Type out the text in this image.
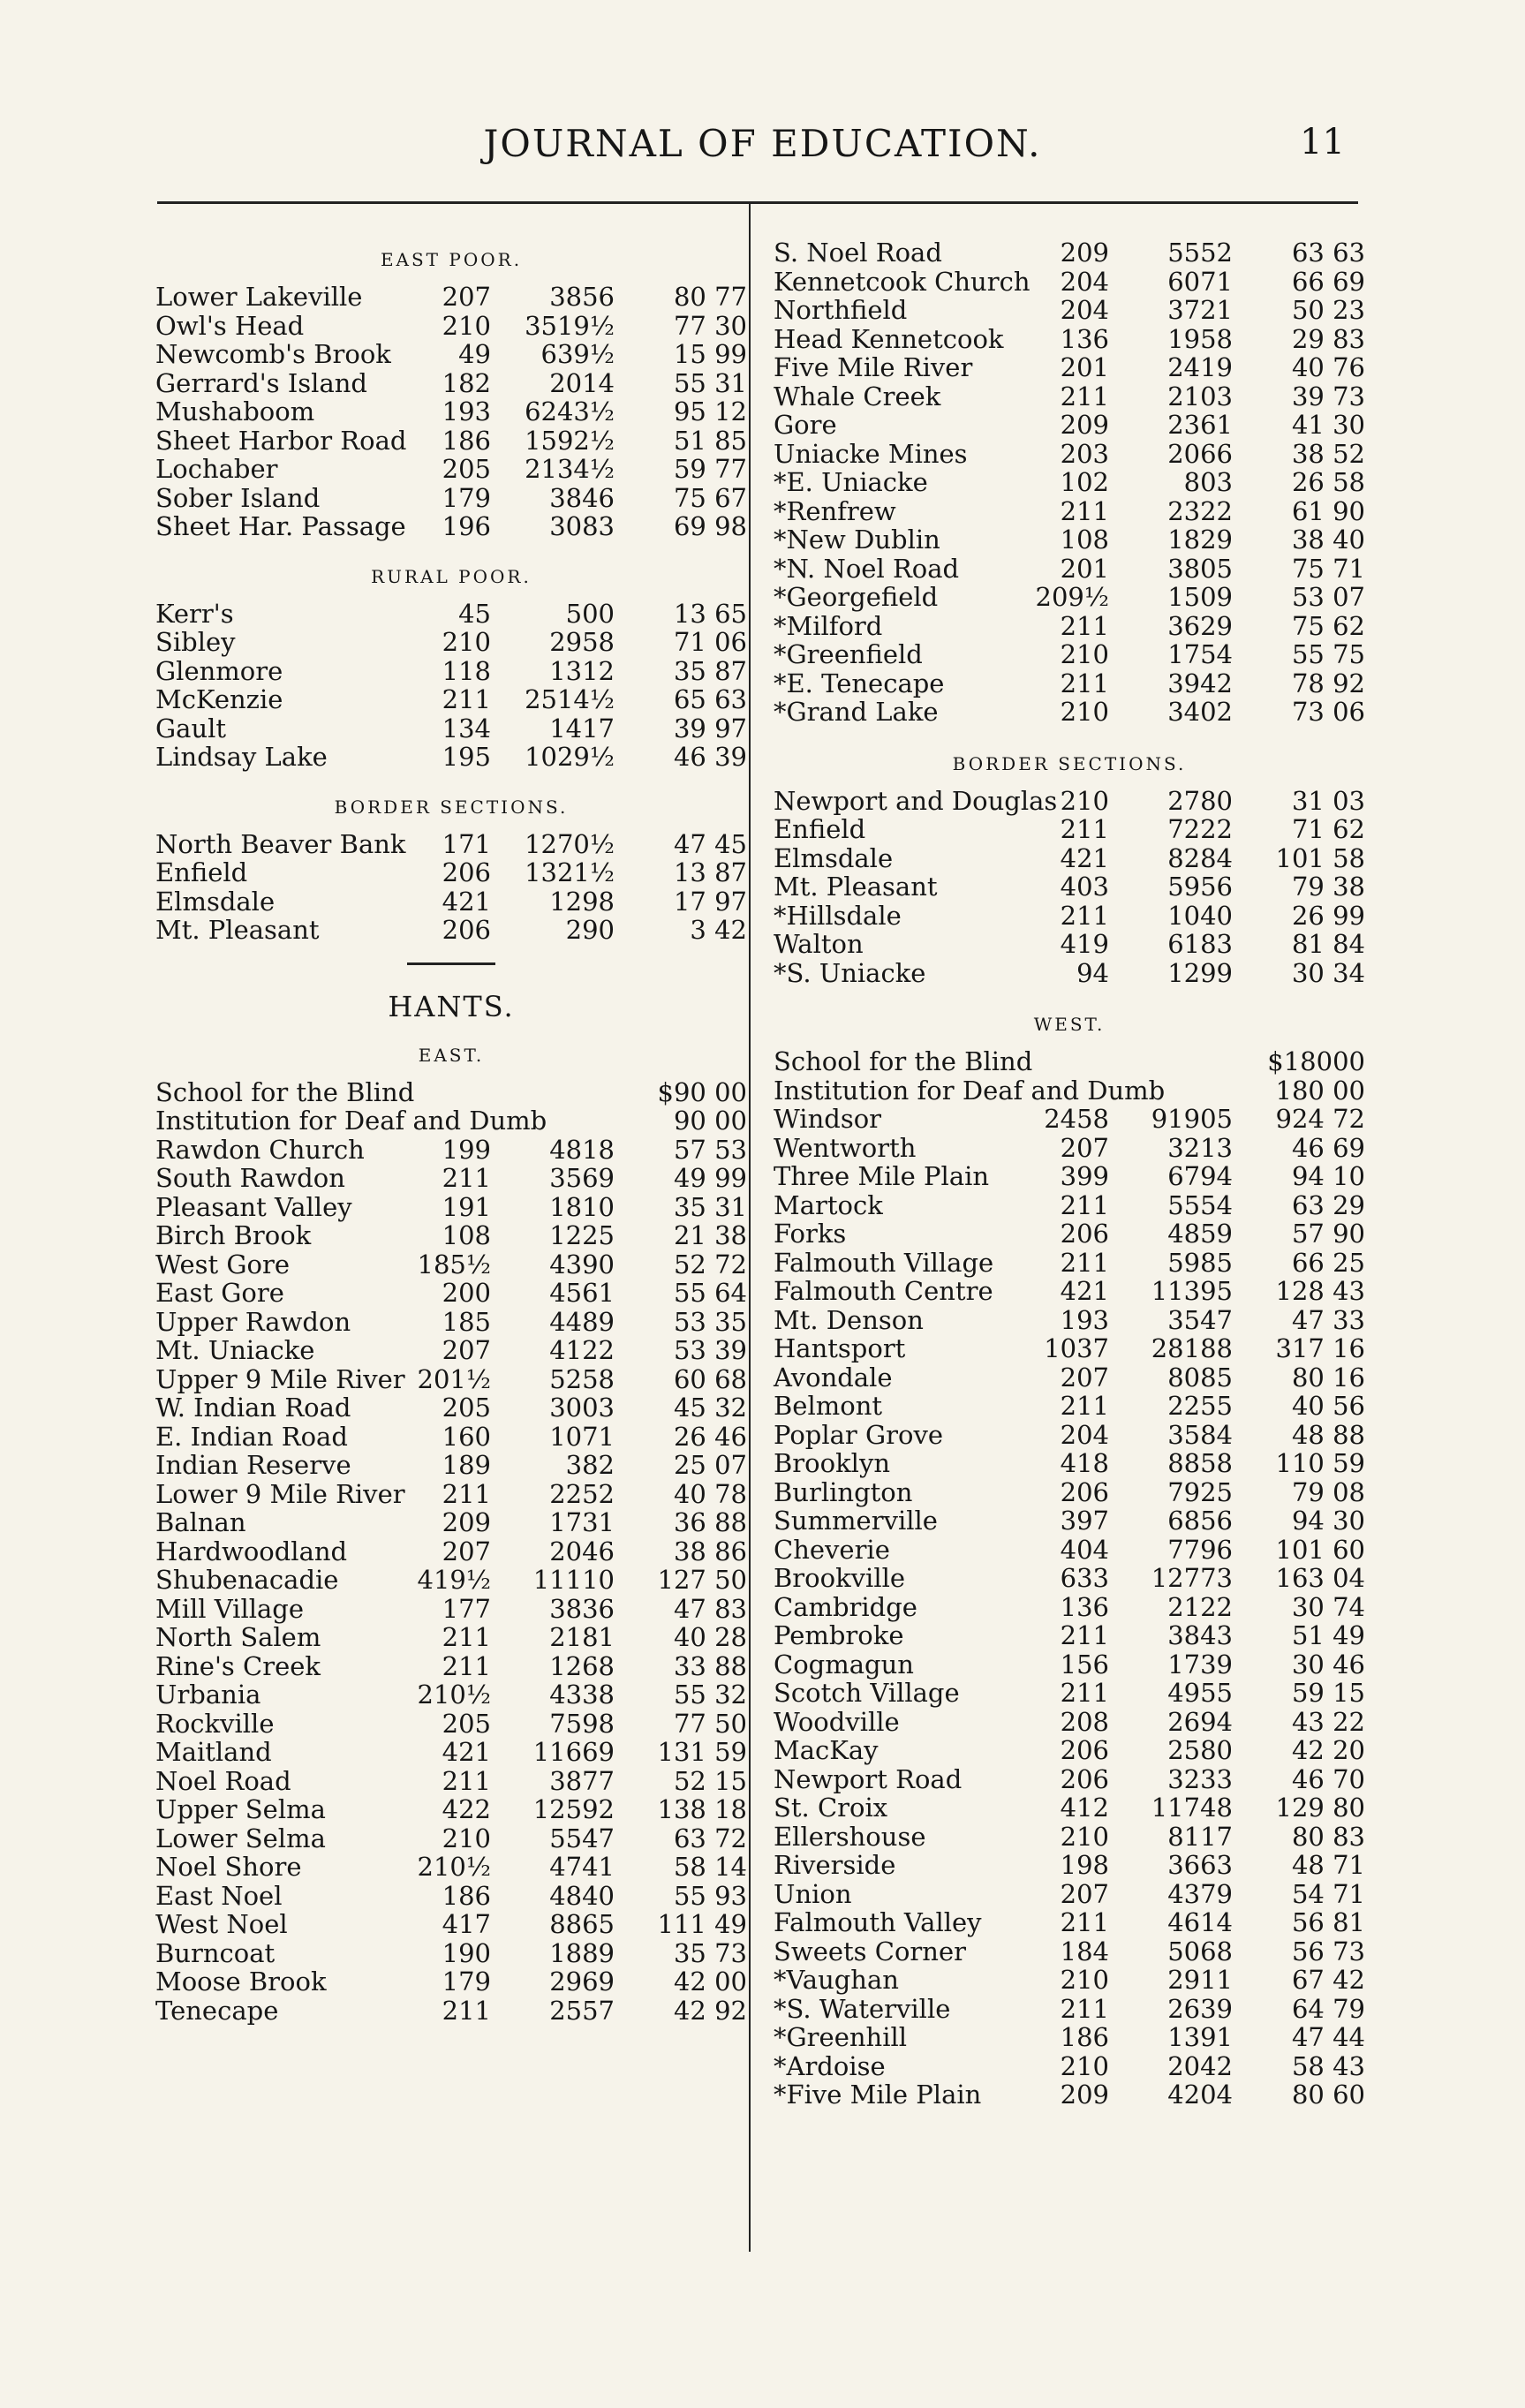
JOURNAL OF EDUCATION.	11
EAST POOR.
Lower Lakeville	207 3856 80 77
Owl's Head	210 3519½ 77 30
Newcomb's Brook	49 639½ 15 99
Gerrard's Island	182 2014 55 31
Mushaboom	193 6243½ 95 12
Sheet Harbor Road 186 1592½ 51 85
Lochaber	205 2134½ 59 77
Sober Island	179 3846 75 67
Sheet Har. Passage 196 3083 69 98
RURAL POOR.
Kerr's	45	500 13 65
Sibley	210 2958 71 06
Glenmore	118 1312 35 87
McKenzie	211 2514½ 65 63
Gault	134 1417 39 97
Lindsay Lake	195 1029½ 46 39
BORDER SECTIONS.
North Beaver Bank 171 1270½ 47 45
Enfield	206 1321½ 13 87
Elmsdale	421 1298 17 97
Mt. Pleasant	206	290	3 42
HANTS.
EAST.
School for the Blind	$90 00
Institution for Deaf and Dumb	90 00
Rawdon Church	199 4818 57 53
South Rawdon	211 3569 49 99
Pleasant Valley	191 1810 35 31
Birch Brook	108 1225 21 38
West Gore	185½ 4390 52 72
East Gore	200 4561 55 64
Upper Rawdon	185 4489 53 35
Mt. Uniacke	207 4122 53 39
Upper 9 Mile River 201½ 5258 60 68
W. Indian Road	205 3003 45 32
E. Indian Road	160 1071 26 46
Indian Reserve	189	382 25 07
Lower 9 Mile River 211 2252 40 78
Balnan	209 1731 36 88
Hardwoodland	207 2046 38 86
Shubenacadie	419½ 11110 127 50
Mill Village	177 3836 47 83
North Salem	211 2181 40 28
Rine's Creek	211 1268 33 88
Urbania	210½ 4338 55 32
Rockville	205 7598 77 50
Maitland	421 11669 131 59
Noel Road	211 3877 52 15
Upper Selma	422 12592 138 18
Lower Selma	210 5547 63 72
Noel Shore	210½ 4741 58 14
East Noel	186 4840 55 93
West Noel	417 8865 111 49
Burncoat	190 1889 35 73
Moose Brook	179 2969 42 00
Tenecape	211 2557 42 92
S. Noel Road	209 5552 63 63
Kennetcook Church 204 6071 66 69
Northfield	204 3721 50 23
Head Kennetcook 136 1958 29 83
Five Mile River	201 2419 40 76
Whale Creek	211 2103 39 73
Gore	209 2361 41 30
Uniacke Mines	203 2066 38 52
*E. Uniacke	102	803 26 58
*Renfrew	211 2322 61 90
*New Dublin	108 1829 38 40
*N. Noel Road	201 3805 75 71
*Georgefield	209½ 1509 53 07
*Milford	211 3629 75 62
*Greenfield	210 1754 55 75
*E. Tenecape	211 3942 78 92
*Grand Lake	210 3402 73 06
BORDER SECTIONS.
Newport and Douglas 210 2780 31 03
Enfield	211 7222 71 62
Elmsdale	421 8284 101 58
Mt. Pleasant	403 5956 79 38
*Hillsdale	211 1040 26 99
Walton	419 6183 81 84
*S. Uniacke	94 1299 30 34
WEST.
School for the Blind	$18000
Institution for Deaf and Dumb	180 00
Windsor	2458 91905 924 72
Wentworth	207 3213 46 69
Three Mile Plain	399 6794 94 10
Martock	211 5554 63 29
Forks	206 4859 57 90
Falmouth Village	211 5985 66 25
Falmouth Centre	421 11395 128 43
Mt. Denson	193 3547 47 33
Hantsport	1037 28188 317 16
Avondale	207 8085 80 16
Belmont	211 2255 40 56
Poplar Grove	204 3584 48 88
Brooklyn	418 8858 110 59
Burlington	206 7925 79 08
Summerville	397 6856 94 30
Cheverie	404 7796 101 60
Brookville	633 12773 163 04
Cambridge	136 2122 30 74
Pembroke	211 3843 51 49
Cogmagun	156 1739 30 46
Scotch Village	211 4955 59 15
Woodville	208 2694 43 22
MacKay	206 2580 42 20
Newport Road	206 3233 46 70
St. Croix	412 11748 129 80
Ellershouse	210 8117 80 83
Riverside	198 3663 48 71
Union	207 4379 54 71
Falmouth Valley	211 4614 56 81
Sweets Corner	184 5068 56 73
*Vaughan	210 2911 67 42
*S. Waterville	211 2639 64 79
*Greenhill	186 1391 47 44
*Ardoise	210 2042 58 43
*Five Mile Plain	209 4204 80 60
